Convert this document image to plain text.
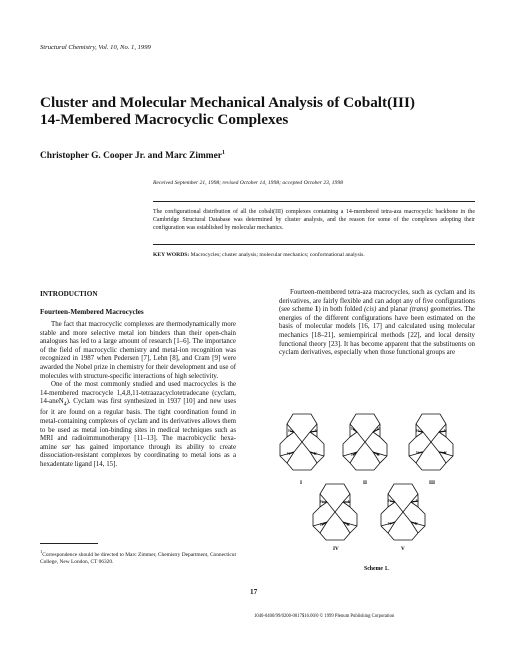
Structural Chemistry, Vol. 10, No. 1, 1999
Cluster and Molecular Mechanical Analysis of Cobalt(III)
14-Membered Macrocyclic Complexes
Christopher G. Cooper Jr. and Marc Zimmer$^1$
Received September 21, 1998; revised October 14, 1998; accepted October 23, 1998
The configurational distribution of all the cobalt(III) complexes containing a 14-membered tetra-aza macrocyclic backbone in the Cambridge Structural Database was determined by cluster analysis, and the reason for some of the complexes adopting their configuration was established by molecular mechanics.
KEY WORDS: Macrocycles; cluster analysis; molecular mechanics; conformational analysis.
INTRODUCTION
Fourteen-Membered Macrocycles

The fact that macrocyclic complexes are thermodynamically more stable and more selective metal ion binders than their open-chain analogues has led to a large amount of research [1–6]. The importance of the field of macrocyclic chemistry and metal-ion recognition was recognized in 1987 when Pedersen [7], Lehn [8], and Cram [9] were awarded the Nobel prize in chemistry for their development and use of molecules with structure-specific interactions of high selectivity.

One of the most commonly studied and used macrocycles is the 14-membered macrocycle 1,4,8,11-tetraazacyclotetradecane (cyclam, 14-aneN$_4$). Cyclam was first synthesized in 1937 [10] and new uses for it are found on a regular basis. The tight coordination found in metal-containing complexes of cyclam and its derivatives allows them to be used as metal ion-binding sites in medical techniques such as MRI and radioimmunotherapy [11–13]. The macrobicyclic hexa-amine sar has gained importance through its ability to create dissociation-resistant complexes by coordinating to metal ions as a hexadentate ligand [14, 15].

Fourteen-membered tetra-aza macrocycles, such as cyclam and its derivatives, are fairly flexible and can adopt any of five configurations (see scheme 1) in both folded (cis) and planar (trans) geometries. The energies of the different configurations have been estimated on the basis of molecular models [16, 17] and calculated using molecular mechanics [18–21], semiempirical methods [22], and local density functional theory [23]. It has become apparent that the substituents on cyclam derivatives, especially when those functional groups are

H	H
H
H
I
H	H
H
H
II
H	H
H
H
III
H	H
H
H
IV
H	H
H
H
V
Scheme 1.
$^1$Correspondence should be directed to Marc Zimmer, Chemistry Department, Connecticut College, New London, CT 06320.
17
1040-0400/99/0200-0017$16.00/0 © 1999 Plenum Publishing Corporation
